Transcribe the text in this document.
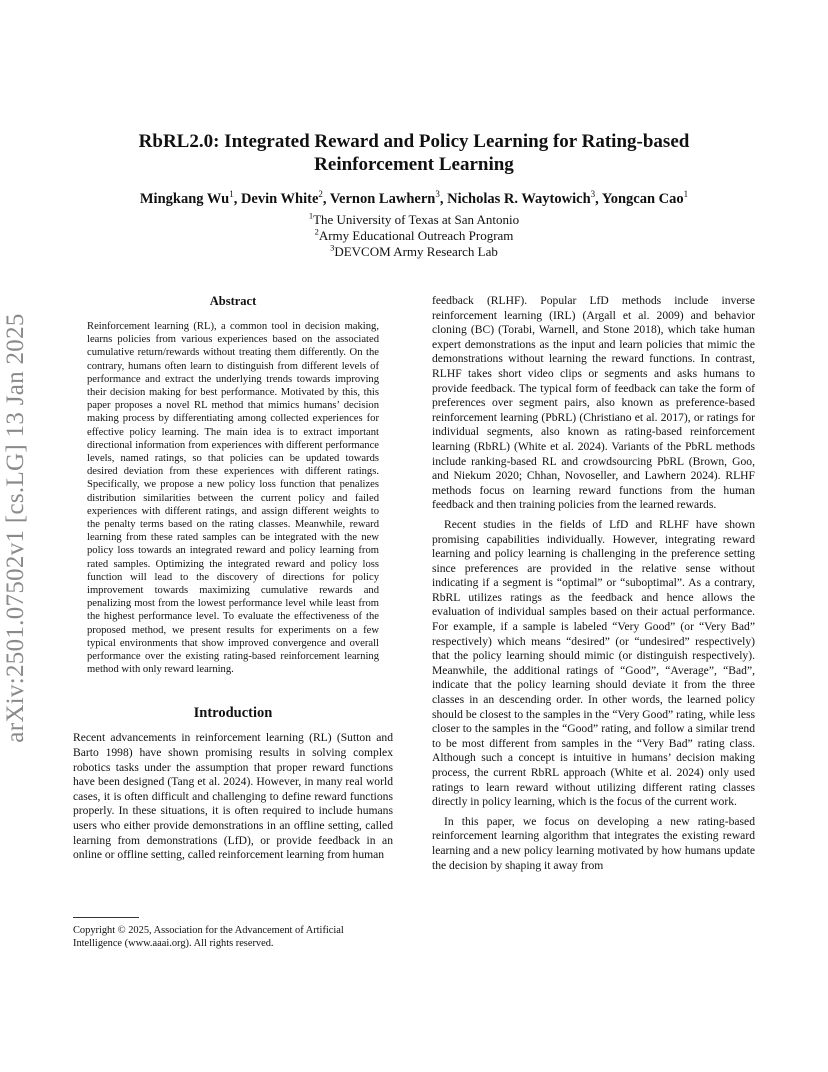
arXiv:2501.07502v1 [cs.LG] 13 Jan 2025
RbRL2.0: Integrated Reward and Policy Learning for Rating-based
Reinforcement Learning
Mingkang Wu$^1$, Devin White$^2$, Vernon Lawhern$^3$, Nicholas R. Waytowich$^3$, Yongcan Cao$^1$
$^1$The University of Texas at San Antonio
$^2$Army Educational Outreach Program
$^3$DEVCOM Army Research Lab
Abstract

Reinforcement learning (RL), a common tool in decision making, learns policies from various experiences based on the associated cumulative return/rewards without treating them differently. On the contrary, humans often learn to distinguish from different levels of performance and extract the underlying trends towards improving their decision making for best performance. Motivated by this, this paper proposes a novel RL method that mimics humans’ decision making process by differentiating among collected experiences for effective policy learning. The main idea is to extract important directional information from experiences with different performance levels, named ratings, so that policies can be updated towards desired deviation from these experiences with different ratings. Specifically, we propose a new policy loss function that penalizes distribution similarities between the current policy and failed experiences with different ratings, and assign different weights to the penalty terms based on the rating classes. Meanwhile, reward learning from these rated samples can be integrated with the new policy loss towards an integrated reward and policy learning from rated samples. Optimizing the integrated reward and policy loss function will lead to the discovery of directions for policy improvement towards maximizing cumulative rewards and penalizing most from the lowest performance level while least from the highest performance level. To evaluate the effectiveness of the proposed method, we present results for experiments on a few typical environments that show improved convergence and overall performance over the existing rating-based reinforcement learning method with only reward learning.

Introduction

Recent advancements in reinforcement learning (RL) (Sutton and Barto 1998) have shown promising results in solving complex robotics tasks under the assumption that proper reward functions have been designed (Tang et al. 2024). However, in many real world cases, it is often difficult and challenging to define reward functions properly. In these situations, it is often required to include humans users who either provide demonstrations in an offline setting, called learning from demonstrations (LfD), or provide feedback in an online or offline setting, called reinforcement learning from human

feedback (RLHF). Popular LfD methods include inverse reinforcement learning (IRL) (Argall et al. 2009) and behavior cloning (BC) (Torabi, Warnell, and Stone 2018), which take human expert demonstrations as the input and learn policies that mimic the demonstrations without learning the reward functions. In contrast, RLHF takes short video clips or segments and asks humans to provide feedback. The typical form of feedback can take the form of preferences over segment pairs, also known as preference-based reinforcement learning (PbRL) (Christiano et al. 2017), or ratings for individual segments, also known as rating-based reinforcement learning (RbRL) (White et al. 2024). Variants of the PbRL methods include ranking-based RL and crowdsourcing PbRL (Brown, Goo, and Niekum 2020; Chhan, Novoseller, and Lawhern 2024). RLHF methods focus on learning reward functions from the human feedback and then training policies from the learned rewards.

Recent studies in the fields of LfD and RLHF have shown promising capabilities individually. However, integrating reward learning and policy learning is challenging in the preference setting since preferences are provided in the relative sense without indicating if a segment is “optimal” or “suboptimal”. As a contrary, RbRL utilizes ratings as the feedback and hence allows the evaluation of individual samples based on their actual performance. For example, if a sample is labeled “Very Good” (or “Very Bad” respectively) which means “desired” (or “undesired” respectively) that the policy learning should mimic (or distinguish respectively). Meanwhile, the additional ratings of “Good”, “Average”, “Bad”, indicate that the policy learning should deviate it from the three classes in an descending order. In other words, the learned policy should be closest to the samples in the “Very Good” rating, while less closer to the samples in the “Good” rating, and follow a similar trend to be most different from samples in the “Very Bad” rating class. Although such a concept is intuitive in humans’ decision making process, the current RbRL approach (White et al. 2024) only used ratings to learn reward without utilizing different rating classes directly in policy learning, which is the focus of the current work.

In this paper, we focus on developing a new rating-based reinforcement learning algorithm that integrates the existing reward learning and a new policy learning motivated by how humans update the decision by shaping it away from

Copyright © 2025, Association for the Advancement of Artificial Intelligence (www.aaai.org). All rights reserved.
